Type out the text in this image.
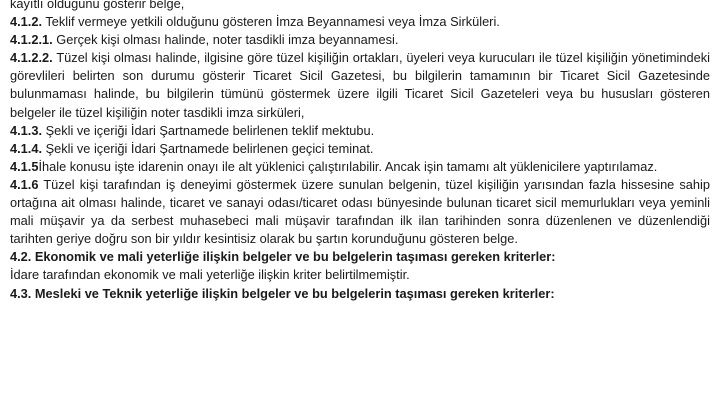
kayıtlı olduğunu gösterir belge,

4.1.2. Teklif vermeye yetkili olduğunu gösteren İmza Beyannamesi veya İmza Sirküleri.

4.1.2.1. Gerçek kişi olması halinde, noter tasdikli imza beyannamesi.

4.1.2.2. Tüzel kişi olması halinde, ilgisine göre tüzel kişiliğin ortakları, üyeleri veya kurucuları ile tüzel kişiliğin yönetimindeki görevlileri belirten son durumu gösterir Ticaret Sicil Gazetesi, bu bilgilerin tamamının bir Ticaret Sicil Gazetesinde bulunmaması halinde, bu bilgilerin tümünü göstermek üzere ilgili Ticaret Sicil Gazeteleri veya bu hususları gösteren belgeler ile tüzel kişiliğin noter tasdikli imza sirküleri,

4.1.3. Şekli ve içeriği İdari Şartnamede belirlenen teklif mektubu.

4.1.4. Şekli ve içeriği İdari Şartnamede belirlenen geçici teminat.

4.1.5İhale konusu işte idarenin onayı ile alt yüklenici çalıştırılabilir. Ancak işin tamamı alt yüklenicilere yaptırılamaz.

4.1.6 Tüzel kişi tarafından iş deneyimi göstermek üzere sunulan belgenin, tüzel kişiliğin yarısından fazla hissesine sahip ortağına ait olması halinde, ticaret ve sanayi odası/ticaret odası bünyesinde bulunan ticaret sicil memurlukları veya yeminli mali müşavir ya da serbest muhasebeci mali müşavir tarafından ilk ilan tarihinden sonra düzenlenen ve düzenlendiği tarihten geriye doğru son bir yıldır kesintisiz olarak bu şartın korunduğunu gösteren belge.

4.2. Ekonomik ve mali yeterliğe ilişkin belgeler ve bu belgelerin taşıması gereken kriterler:

İdare tarafından ekonomik ve mali yeterliğe ilişkin kriter belirtilmemiştir.

4.3. Mesleki ve Teknik yeterliğe ilişkin belgeler ve bu belgelerin taşıması gereken kriterler:
